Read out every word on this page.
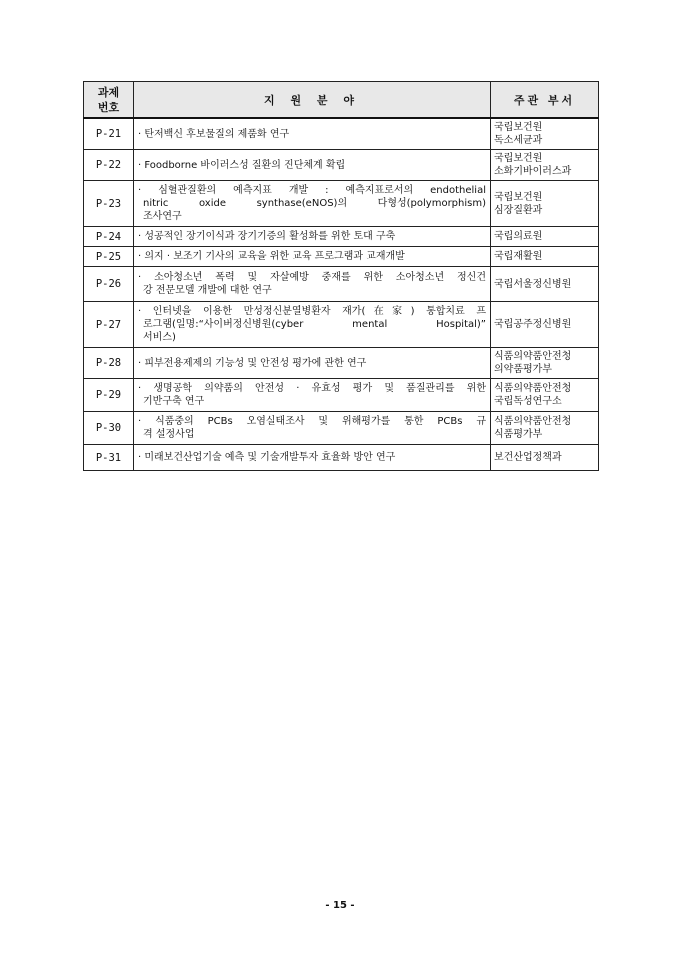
과제
번호	지 원 분 야	주관 부서
P-21	· 탄저백신 후보물질의 제품화 연구	국립보건원
독소세균과

P-22	· Foodborne 바이러스성 질환의 진단체계 확립	국립보건원
소화기바이러스과

P-23	· 심혈관질환의 예측지표 개발 : 예측지표로서의 endothelial
nitric oxide synthase(eNOS)의 다형성(polymorphism)
조사연구	국립보건원
심장질환과

P-24	· 성공적인 장기이식과 장기기증의 활성화를 위한 토대 구축	국립의료원

P-25	· 의지 · 보조기 기사의 교육을 위한 교육 프로그램과 교재개발	국립재활원

P-26	· 소아청소년 폭력 및 자살예방 중재를 위한 소아청소년 정신건
강 전문모델 개발에 대한 연구	국립서울정신병원

P-27	· 인터넷을 이용한 만성정신분열병환자 재가(在家) 통합치료 프
로그램(일명:“사이버정신병원(cyber mental Hospital)”
서비스)	국립공주정신병원

P-28	· 피부전용제제의 기능성 및 안전성 평가에 관한 연구	식품의약품안전청
의약품평가부

P-29	· 생명공학 의약품의 안전성 · 유효성 평가 및 품질관리를 위한
기반구축 연구	식품의약품안전청
국립독성연구소

P-30	· 식품중의 PCBs 오염실태조사 및 위해평가를 통한 PCBs 규
격 설정사업	식품의약품안전청
식품평가부

P-31	· 미래보건산업기술 예측 및 기술개발투자 효율화 방안 연구	보건산업정책과
- 15 -
